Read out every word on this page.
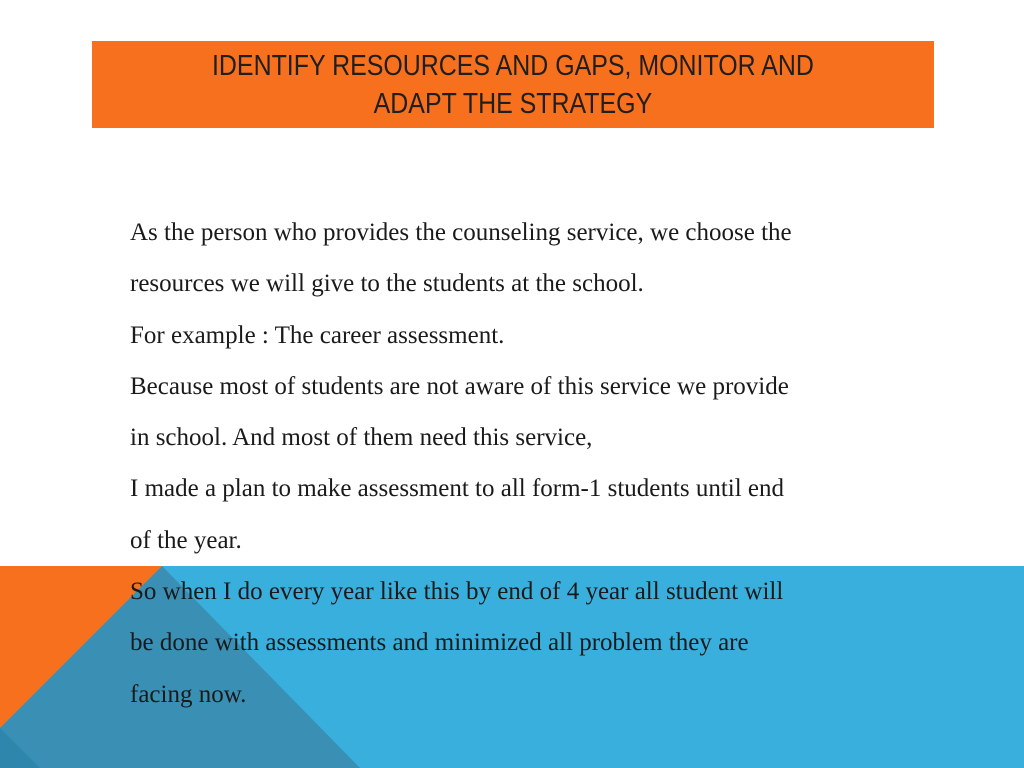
IDENTIFY RESOURCES AND GAPS, MONITOR AND
ADAPT THE STRATEGY
As the person who provides the counseling service, we choose the
resources we will give to the students at the school.
For example : The career assessment.
Because most of students are not aware of this service we provide
in school. And most of them need this service,
I made a plan to make assessment to all form-1 students until end
of the year.
So when I do every year like this by end of 4 year all student will
be done with assessments and minimized all problem they are
facing now.
